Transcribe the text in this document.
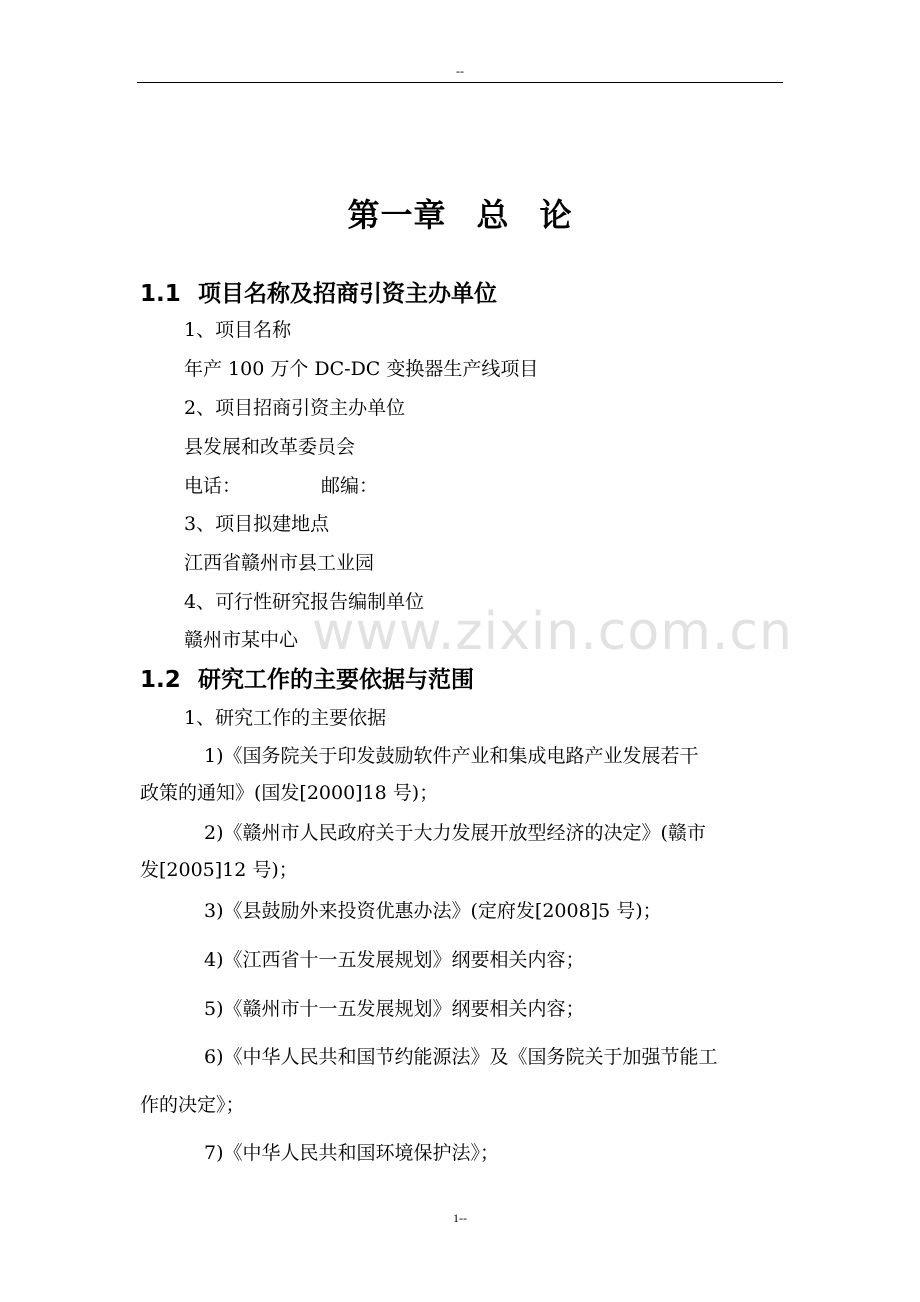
--
第一章 总 论
1.1 项目名称及招商引资主办单位
1、项目名称
年产 100 万个 DC-DC 变换器生产线项目
2、项目招商引资主办单位
县发展和改革委员会
电话：	邮编：
3、项目拟建地点
江西省赣州市县工业园
4、可行性研究报告编制单位
赣州市某中心
1.2 研究工作的主要依据与范围
1、研究工作的主要依据
1)《国务院关于印发鼓励软件产业和集成电路产业发展若干
政策的通知》(国发[2000]18 号)；
2)《赣州市人民政府关于大力发展开放型经济的决定》(赣市
发[2005]12 号)；
3)《县鼓励外来投资优惠办法》(定府发[2008]5 号)；
4)《江西省十一五发展规划》纲要相关内容；
5)《赣州市十一五发展规划》纲要相关内容；
6)《中华人民共和国节约能源法》及《国务院关于加强节能工
作的决定》；
7)《中华人民共和国环境保护法》；
www.zixin.com.cn
1--
